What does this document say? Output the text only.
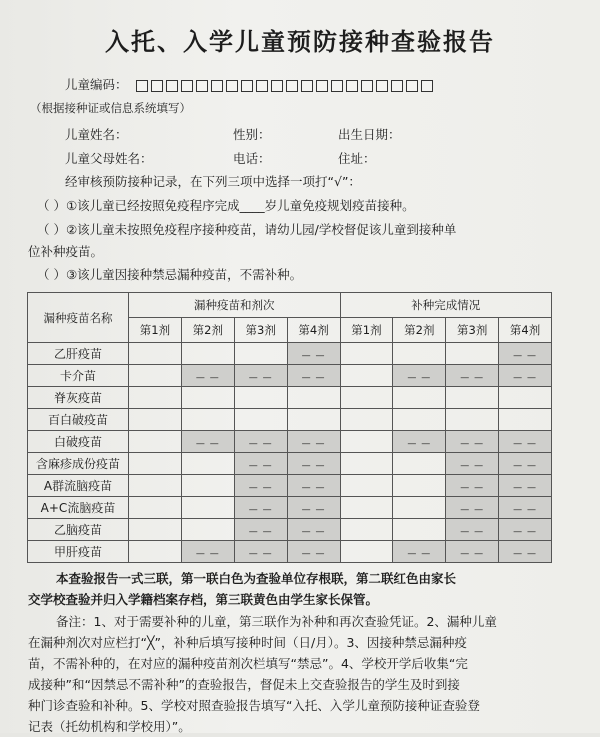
入托、入学儿童预防接种查验报告
儿童编码：
（根据接种证或信息系统填写）
儿童姓名：	性别：	出生日期：
儿童父母姓名：	电话：	住址：
经审核预防接种记录，在下列三项中选择一项打“√”：
（ ）①该儿童已经按照免疫程序完成____岁儿童免疫规划疫苗接种。
（ ）②该儿童未按照免疫程序接种疫苗，请幼儿园/学校督促该儿童到接种单
位补种疫苗。
（ ）③该儿童因接种禁忌漏种疫苗，不需补种。
漏种疫苗名称	漏种疫苗和剂次				补种完成情况			
	第1剂	第2剂	第3剂	第4剂	第1剂	第2剂	第3剂	第4剂
乙肝疫苗				— —				— —
卡介苗		— —	— —	— —		— —	— —	— —
脊灰疫苗								
百白破疫苗								
白破疫苗		— —	— —	— —		— —	— —	— —
含麻疹成份疫苗			— —	— —			— —	— —
A群流脑疫苗			— —	— —			— —	— —
A+C流脑疫苗			— —	— —			— —	— —
乙脑疫苗			— —	— —			— —	— —
甲肝疫苗		— —	— —	— —		— —	— —	— —
本查验报告一式三联，第一联白色为查验单位存根联，第二联红色由家长
交学校查验并归入学籍档案存档，第三联黄色由学生家长保管。
备注：1、对于需要补种的儿童，第三联作为补种和再次查验凭证。2、漏种儿童
在漏种剂次对应栏打“╳”，补种后填写接种时间（日/月）。3、因接种禁忌漏种疫
苗，不需补种的，在对应的漏种疫苗剂次栏填写“禁忌”。4、学校开学后收集“完
成接种”和“因禁忌不需补种”的查验报告，督促未上交查验报告的学生及时到接
种门诊查验和补种。5、学校对照查验报告填写“入托、入学儿童预防接种证查验登
记表（托幼机构和学校用）”。
